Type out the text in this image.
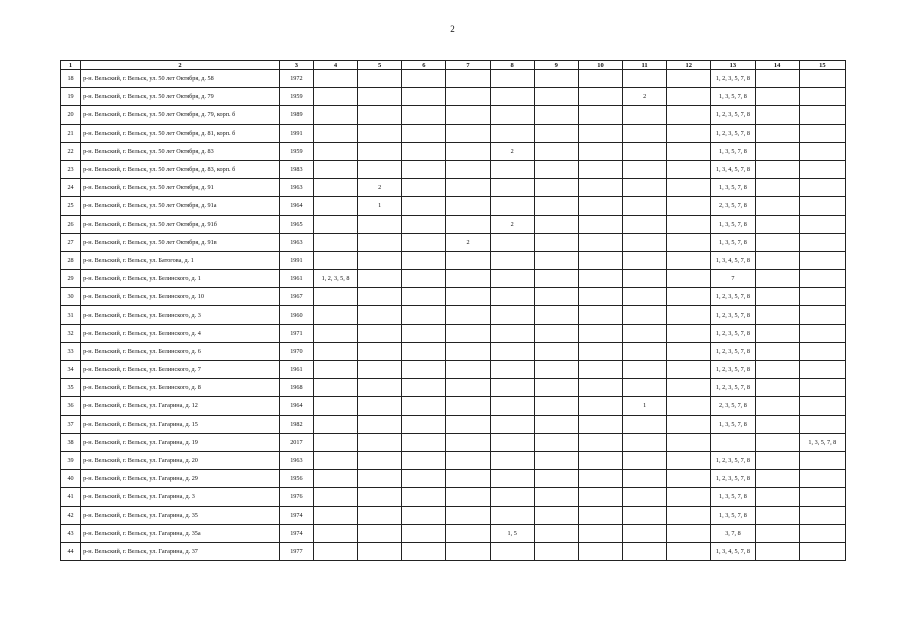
2
1	2	3	4	5	6	7	8	9	10	11	12	13	14	15
18	р-н. Вельский, г. Вельск, ул. 50 лет Октября, д. 58	1972										1, 2, 3, 5, 7, 8		
19	р-н. Вельский, г. Вельск, ул. 50 лет Октября, д. 79	1959								2		1, 3, 5, 7, 8		
20	р-н. Вельский, г. Вельск, ул. 50 лет Октября, д. 79, корп. б	1989										1, 2, 3, 5, 7, 8		
21	р-н. Вельский, г. Вельск, ул. 50 лет Октября, д. 81, корп. б	1991										1, 2, 3, 5, 7, 8		
22	р-н. Вельский, г. Вельск, ул. 50 лет Октября, д. 83	1959					2					1, 3, 5, 7, 8		
23	р-н. Вельский, г. Вельск, ул. 50 лет Октября, д. 83, корп. б	1983										1, 3, 4, 5, 7, 8		
24	р-н. Вельский, г. Вельск, ул. 50 лет Октября, д. 91	1963		2								1, 3, 5, 7, 8		
25	р-н. Вельский, г. Вельск, ул. 50 лет Октября, д. 91а	1964		1								2, 3, 5, 7, 8		
26	р-н. Вельский, г. Вельск, ул. 50 лет Октября, д. 91б	1965					2					1, 3, 5, 7, 8		
27	р-н. Вельский, г. Вельск, ул. 50 лет Октября, д. 91в	1963				2						1, 3, 5, 7, 8		
28	р-н. Вельский, г. Вельск, ул. Батогова, д. 1	1991										1, 3, 4, 5, 7, 8		
29	р-н. Вельский, г. Вельск, ул. Белинского, д. 1	1961	1, 2, 3, 5, 8									7		
30	р-н. Вельский, г. Вельск, ул. Белинского, д. 10	1967										1, 2, 3, 5, 7, 8		
31	р-н. Вельский, г. Вельск, ул. Белинского, д. 3	1960										1, 2, 3, 5, 7, 8		
32	р-н. Вельский, г. Вельск, ул. Белинского, д. 4	1971										1, 2, 3, 5, 7, 8		
33	р-н. Вельский, г. Вельск, ул. Белинского, д. 6	1970										1, 2, 3, 5, 7, 8		
34	р-н. Вельский, г. Вельск, ул. Белинского, д. 7	1961										1, 2, 3, 5, 7, 8		
35	р-н. Вельский, г. Вельск, ул. Белинского, д. 8	1968										1, 2, 3, 5, 7, 8		
36	р-н. Вельский, г. Вельск, ул. Гагарина, д. 12	1964								1		2, 3, 5, 7, 8		
37	р-н. Вельский, г. Вельск, ул. Гагарина, д. 15	1982										1, 3, 5, 7, 8		
38	р-н. Вельский, г. Вельск, ул. Гагарина, д. 19	2017												1, 3, 5, 7, 8
39	р-н. Вельский, г. Вельск, ул. Гагарина, д. 20	1963										1, 2, 3, 5, 7, 8		
40	р-н. Вельский, г. Вельск, ул. Гагарина, д. 29	1956										1, 2, 3, 5, 7, 8		
41	р-н. Вельский, г. Вельск, ул. Гагарина, д. 3	1976										1, 3, 5, 7, 8		
42	р-н. Вельский, г. Вельск, ул. Гагарина, д. 35	1974										1, 3, 5, 7, 8		
43	р-н. Вельский, г. Вельск, ул. Гагарина, д. 35а	1974					1, 5					3, 7, 8		
44	р-н. Вельский, г. Вельск, ул. Гагарина, д. 37	1977										1, 3, 4, 5, 7, 8		
